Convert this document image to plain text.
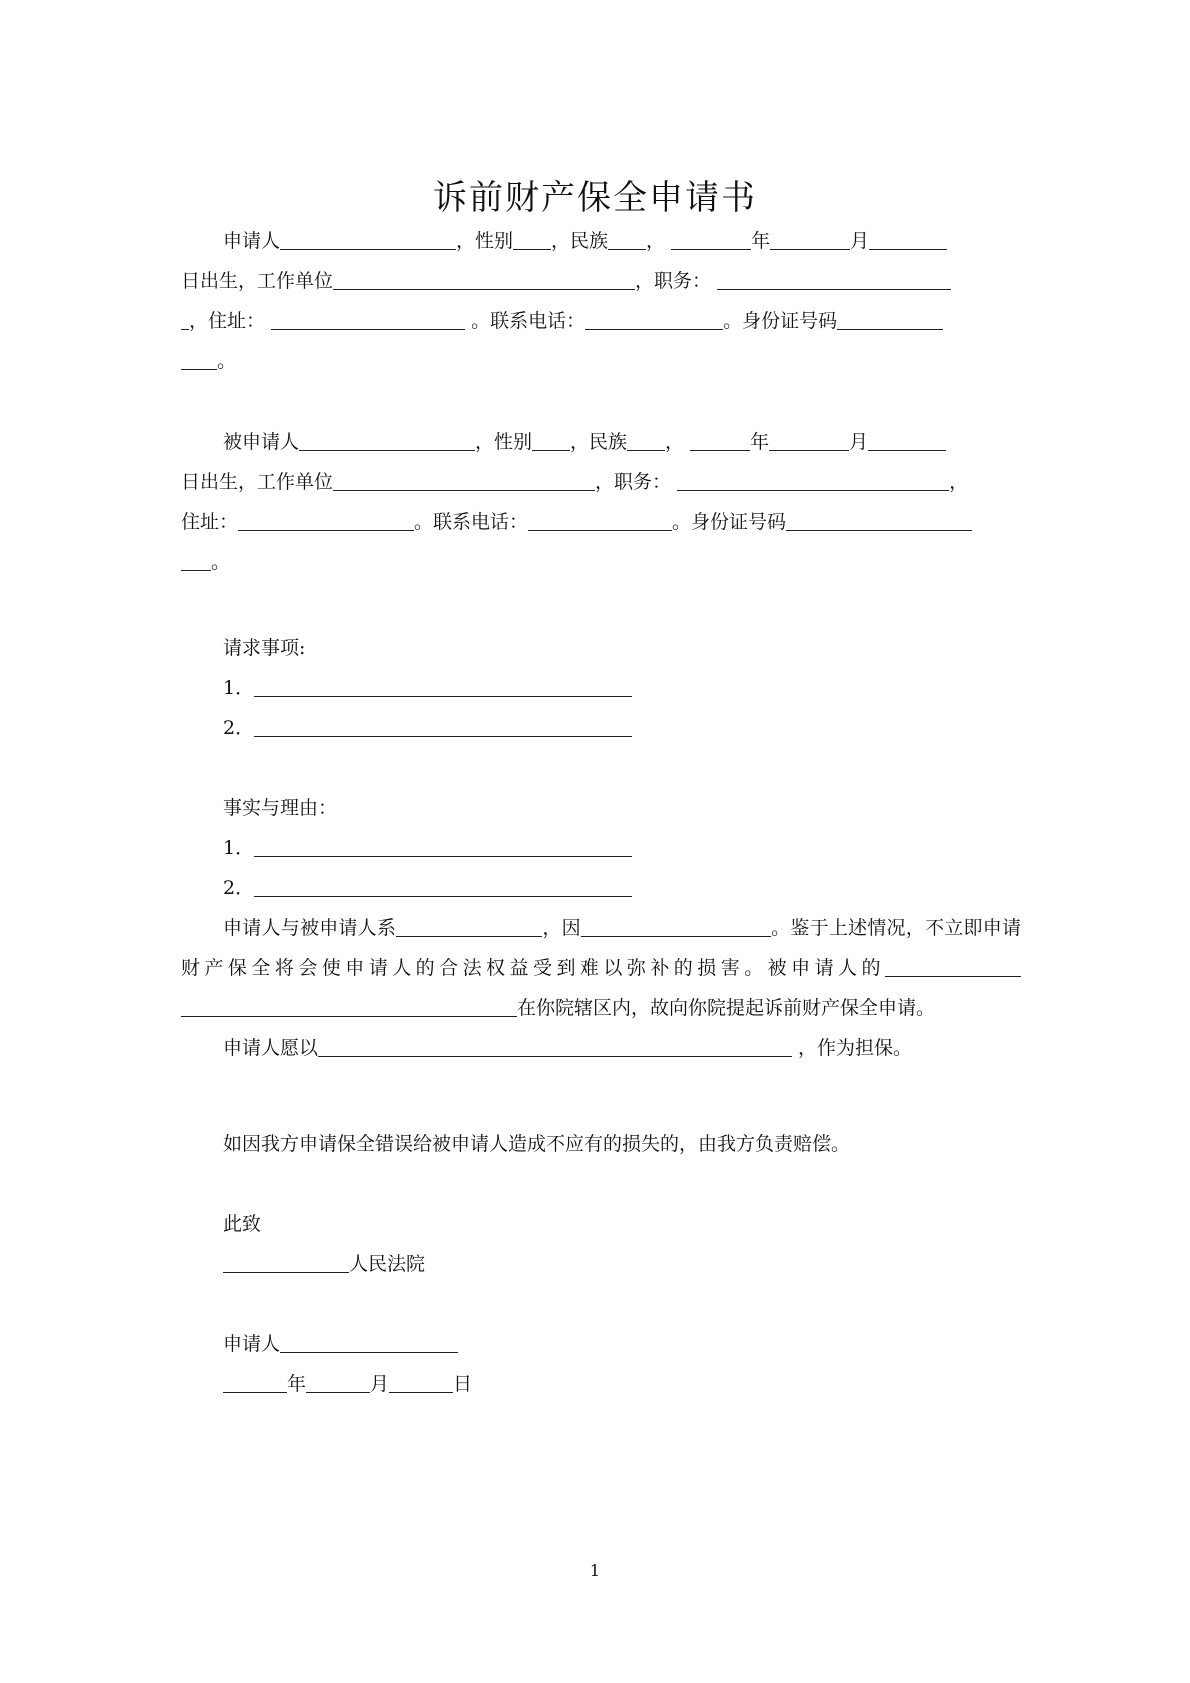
诉前财产保全申请书

申请人	，性别 ，民族 ，	年	月

日出生，工作单位	，职务：

，住址：	。联系电话：	。身份证号码

。

被申请人	，性别 ，民族 ，	年	月

日出生，工作单位	，职务：	，

住址：	。联系电话：	。身份证号码

。

请求事项:

1．

2．

事实与理由：

1．

2．

申请人与被申请人系	，因	。鉴于上述情况，不立即申请财产保全将会使申请人的合法权益受到难以弥补的损害。被申请人的在你院辖区内，故向你院提起诉前财产保全申请。

申请人愿以	，作为担保。

如因我方申请保全错误给被申请人造成不应有的损失的，由我方负责赔偿。

此致

人民法院

申请人

年	月	日

1
